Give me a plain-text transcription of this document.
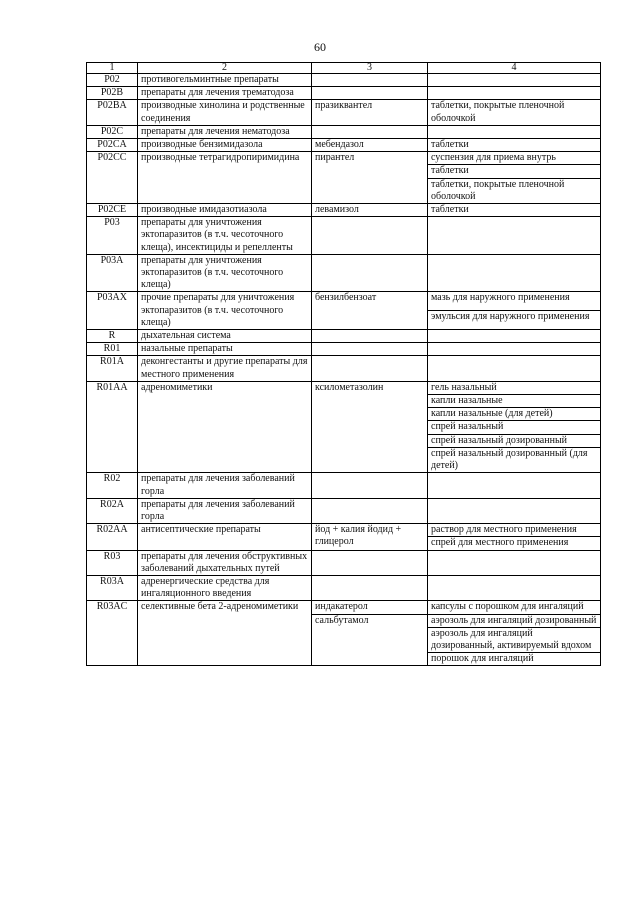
60
1	2	3	4
P02	противогельминтные препараты		
P02B	препараты для лечения трематодоза		
P02BA	производные хинолина и родственные соединения	празиквантел	таблетки, покрытые пленочной оболочкой
P02C	препараты для лечения нематодоза		
P02CA	производные бензимидазола	мебендазол	таблетки
P02CC	производные тетрагидропиримидина	пирантел	суспензия для приема внутрь
			таблетки
			таблетки, покрытые пленочной оболочкой
P02CE	производные имидазотиазола	левамизол	таблетки
P03	препараты для уничтожения эктопаразитов (в т.ч. чесоточного клеща), инсектициды и репелленты		
P03A	препараты для уничтожения эктопаразитов (в т.ч. чесоточного клеща)		
P03AX	прочие препараты для уничтожения эктопаразитов (в т.ч. чесоточного клеща)	бензилбензоат	мазь для наружного применения
			эмульсия для наружного применения
R	дыхательная система		
R01	назальные препараты		
R01A	деконгестанты и другие препараты для местного применения		
R01AA	адреномиметики	ксилометазолин	гель назальный
			капли назальные
			капли назальные (для детей)
			спрей назальный
			спрей назальный дозированный
			спрей назальный дозированный (для детей)
R02	препараты для лечения заболеваний горла		
R02A	препараты для лечения заболеваний горла		
R02AA	антисептические препараты	йод + калия йодид + глицерол	раствор для местного применения
			спрей для местного применения
R03	препараты для лечения обструктивных заболеваний дыхательных путей		
R03A	адренергические средства для ингаляционного введения		
R03AC	селективные бета 2-адреномиметики	индакатерол	капсулы с порошком для ингаляций
		сальбутамол	аэрозоль для ингаляций дозированный
			аэрозоль для ингаляций дозированный, активируемый вдохом
			порошок для ингаляций
